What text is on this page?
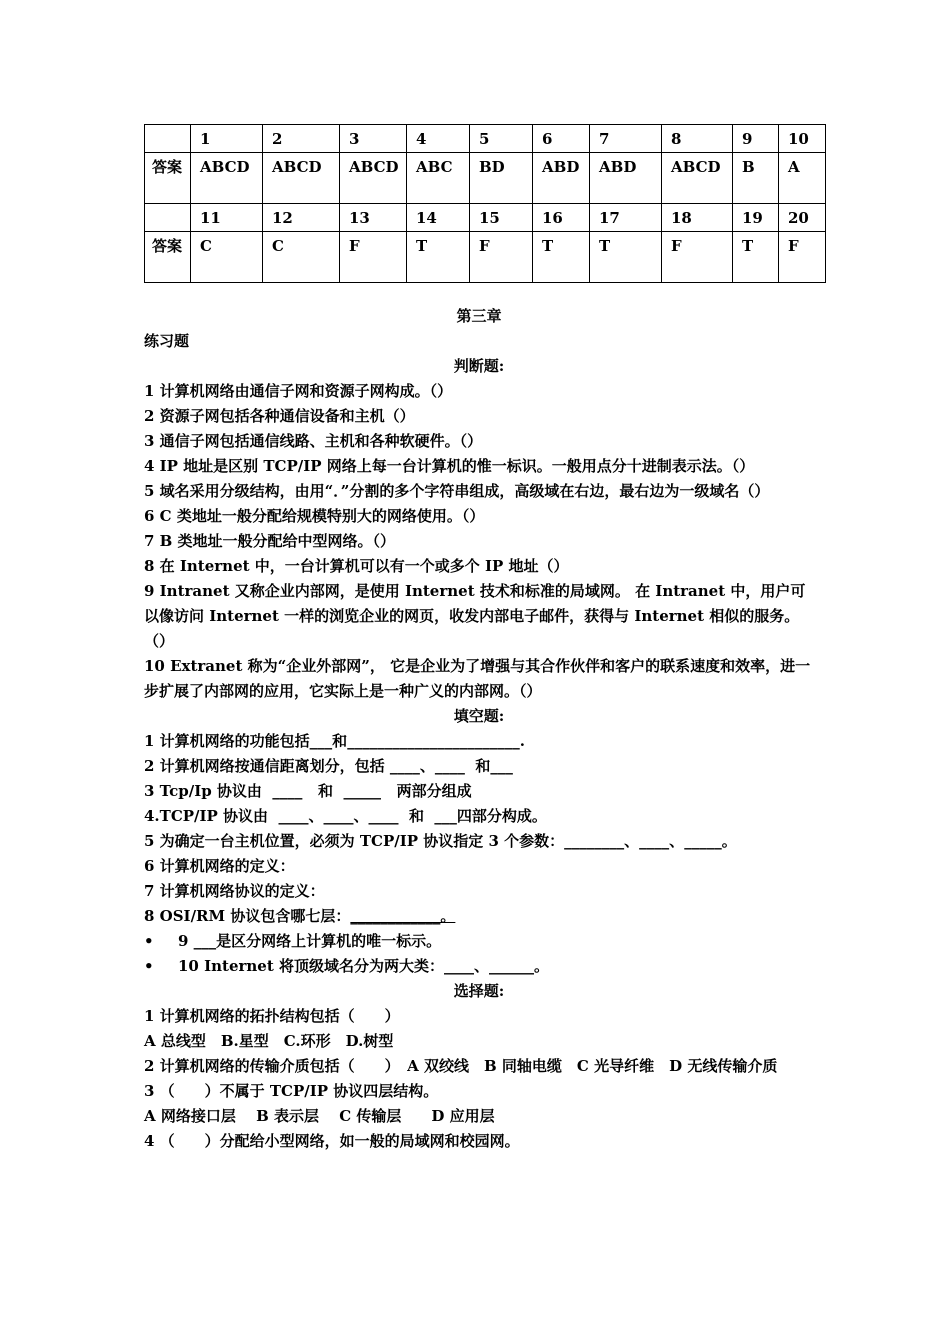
	1	2	3	4	5	6	7	8	9	10
答案	ABCD	ABCD	ABCD	ABC	BD	ABD	ABD	ABCD	B	A
	11	12	13	14	15	16	17	18	19	20
答案	C	C	F	T	F	T	T	F	T	F
第三章
练习题
判断题:
1 计算机网络由通信子网和资源子网构成。（）
2 资源子网包括各种通信设备和主机（）
3 通信子网包括通信线路、主机和各种软硬件。（）
4 IP 地址是区别 TCP/IP 网络上每一台计算机的惟一标识。一般用点分十进制表示法。（）
5 域名采用分级结构，由用“．”分割的多个字符串组成，高级域在右边，最右边为一级域名（）
6 C 类地址一般分配给规模特别大的网络使用。（）
7 B 类地址一般分配给中型网络。（）
8 在 Internet 中，一台计算机可以有一个或多个 IP 地址（）
9 Intranet 又称企业内部网，是使用 Internet 技术和标准的局域网。 在 Intranet 中，用户可以像访问 Internet 一样的浏览企业的网页，收发内部电子邮件，获得与 Internet 相似的服务。（）
10 Extranet 称为“企业外部网”， 它是企业为了增强与其合作伙伴和客户的联系速度和效率，进一步扩展了内部网的应用，它实际上是一种广义的内部网。（）
填空题:
1 计算机网络的功能包括___和_______________________.
2 计算机网络按通信距离划分，包括 ____、____  和___
3 Tcp/Ip 协议由  ____   和  _____   两部分组成
4.TCP/IP 协议由  ____、____、____  和  ___四部分构成。
5 为确定一台主机位置，必须为 TCP/IP 协议指定 3 个参数：________、____、_____。
6 计算机网络的定义：
7 计算机网络协议的定义：
8 OSI/RM 协议包含哪七层：____________。
• 9 ___是区分网络上计算机的唯一标示。
• 10 Internet 将顶级域名分为两大类：____、______。
选择题:
1 计算机网络的拓扑结构包括（　　）
A 总线型　B.星型　C.环形　D.树型
2 计算机网络的传输介质包括（　　）　A 双绞线　B 同轴电缆　C 光导纤维　D 无线传输介质
3 （　　）不属于 TCP/IP 协议四层结构。
A 网络接口层　 B 表示层　 C 传输层　　D 应用层
4 （　　）分配给小型网络，如一般的局域网和校园网。
